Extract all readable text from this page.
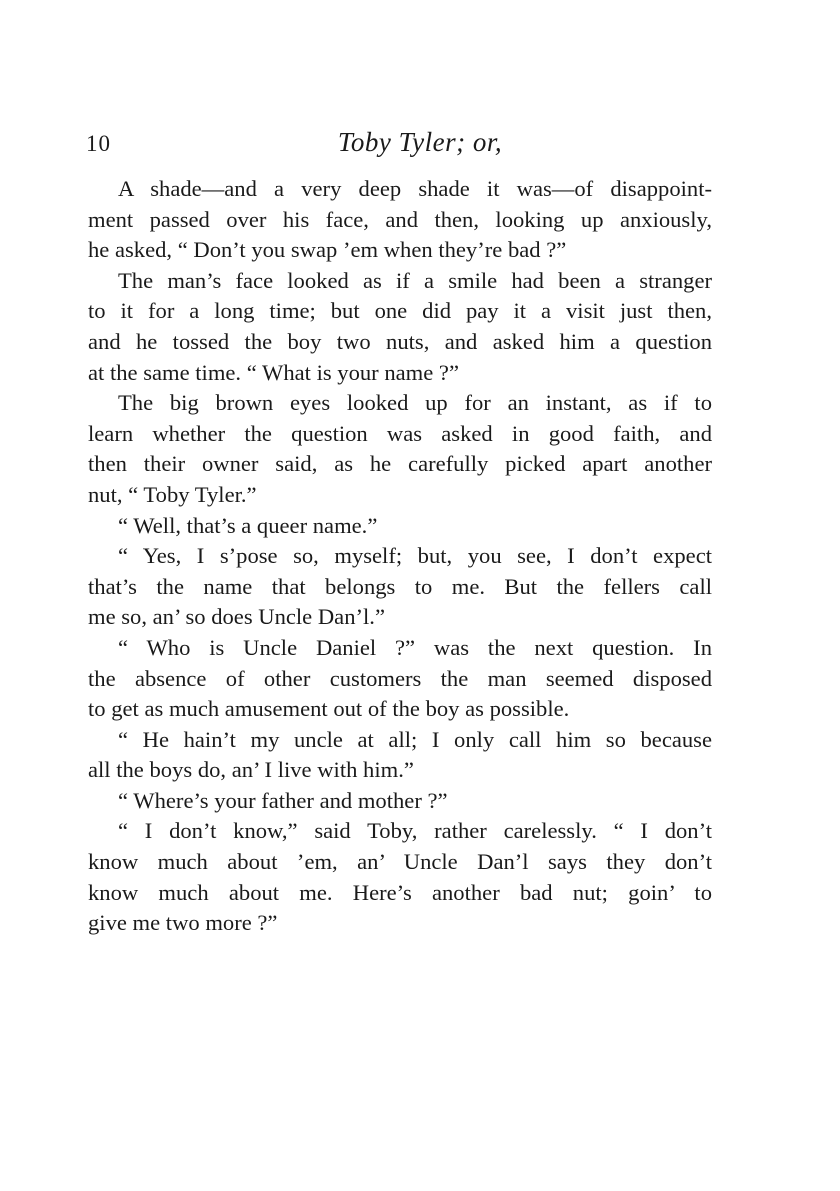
10	Toby Tyler; or,
A shade—and a very deep shade it was—of disappoint-
ment passed over his face, and then, looking up anxiously,
he asked, “ Don’t you swap ’em when they’re bad ?”
The man’s face looked as if a smile had been a stranger
to it for a long time; but one did pay it a visit just then,
and he tossed the boy two nuts, and asked him a question
at the same time. “ What is your name ?”
The big brown eyes looked up for an instant, as if to
learn whether the question was asked in good faith, and
then their owner said, as he carefully picked apart another
nut, “ Toby Tyler.”
“ Well, that’s a queer name.”
“ Yes, I s’pose so, myself; but, you see, I don’t expect
that’s the name that belongs to me. But the fellers call
me so, an’ so does Uncle Dan’l.”
“ Who is Uncle Daniel ?” was the next question. In
the absence of other customers the man seemed disposed
to get as much amusement out of the boy as possible.
“ He hain’t my uncle at all; I only call him so because
all the boys do, an’ I live with him.”
“ Where’s your father and mother ?”
“ I don’t know,” said Toby, rather carelessly. “ I don’t
know much about ’em, an’ Uncle Dan’l says they don’t
know much about me. Here’s another bad nut; goin’ to
give me two more ?”
